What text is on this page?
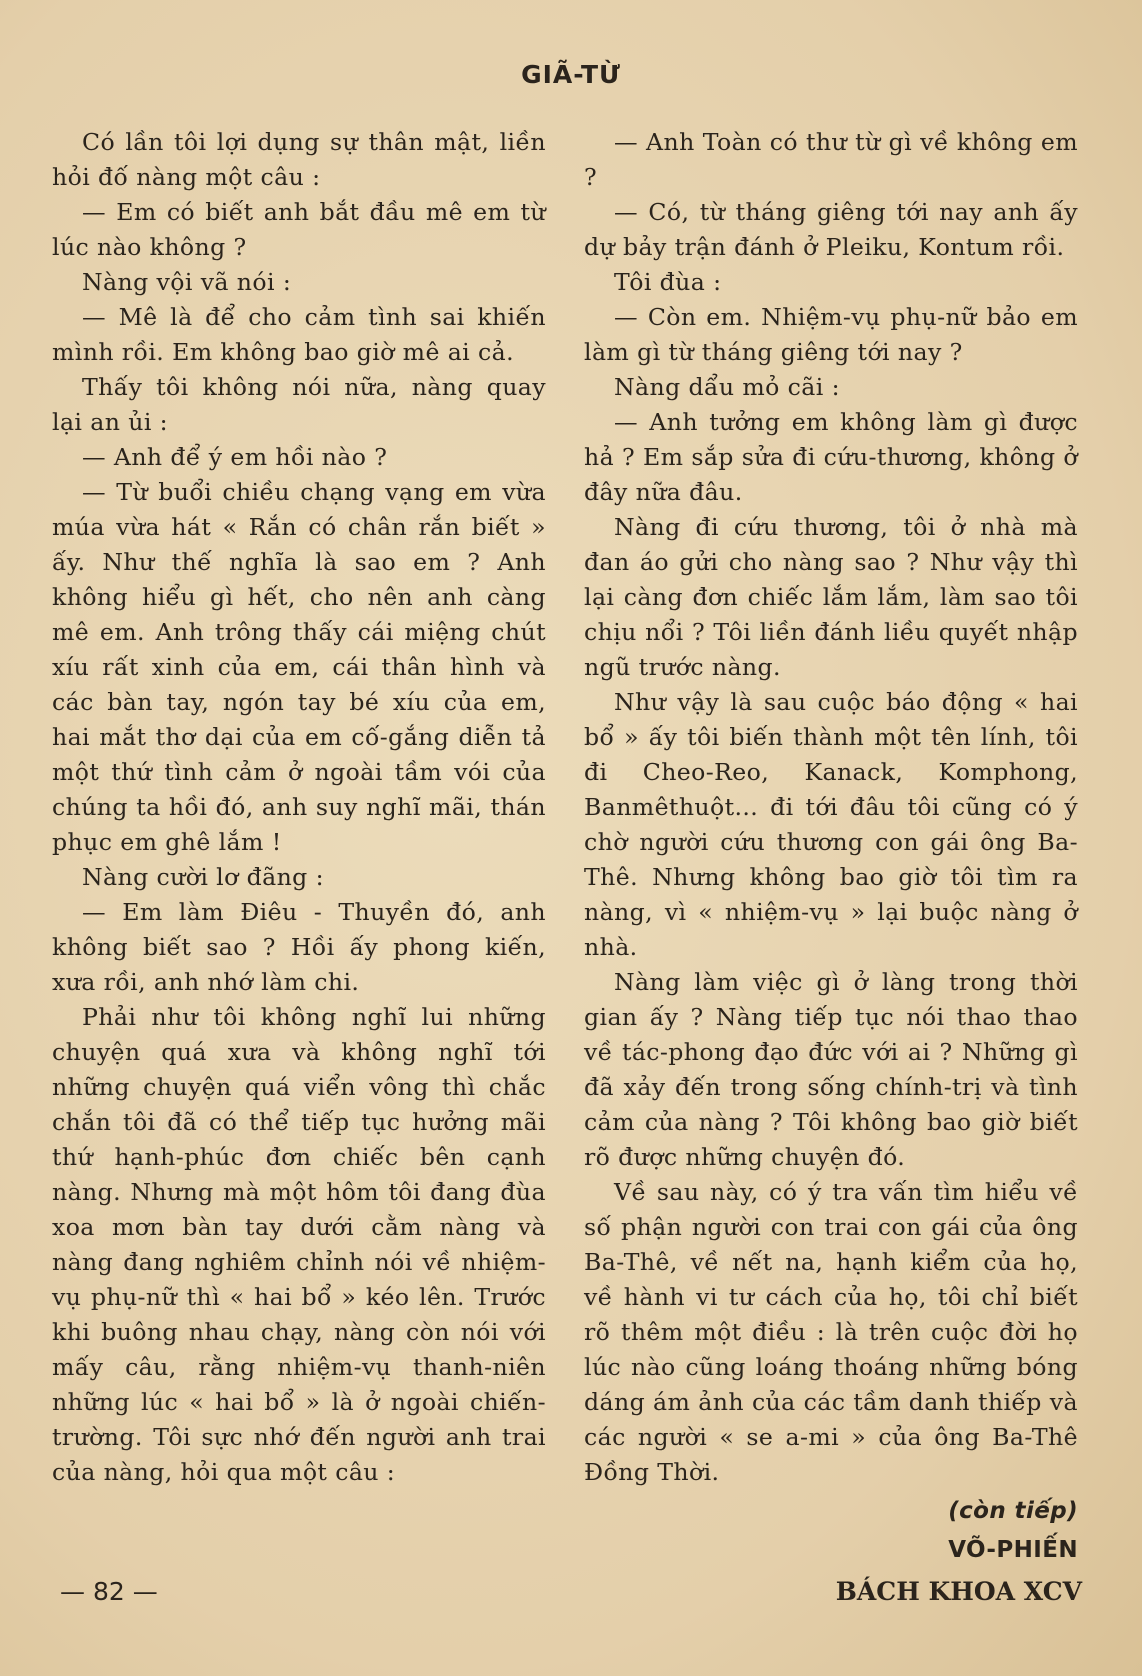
GIÃ-TỪ

Có lần tôi lợi dụng sự thân mật, liền hỏi đố nàng một câu :

— Em có biết anh bắt đầu mê em từ lúc nào không ?

Nàng vội vã nói :

— Mê là để cho cảm tình sai khiến mình rồi. Em không bao giờ mê ai cả.

Thấy tôi không nói nữa, nàng quay lại an ủi :

— Anh để ý em hồi nào ?

— Từ buổi chiều chạng vạng em vừa múa vừa hát « Rắn có chân rắn biết » ấy. Như thế nghĩa là sao em ? Anh không hiểu gì hết, cho nên anh càng mê em. Anh trông thấy cái miệng chút xíu rất xinh của em, cái thân hình và các bàn tay, ngón tay bé xíu của em, hai mắt thơ dại của em cố-gắng diễn tả một thứ tình cảm ở ngoài tầm vói của chúng ta hồi đó, anh suy nghĩ mãi, thán phục em ghê lắm !

Nàng cười lơ đãng :

— Em làm Điêu - Thuyền đó, anh không biết sao ? Hồi ấy phong kiến, xưa rồi, anh nhớ làm chi.

Phải như tôi không nghĩ lui những chuyện quá xưa và không nghĩ tới những chuyện quá viển vông thì chắc chắn tôi đã có thể tiếp tục hưởng mãi thứ hạnh-phúc đơn chiếc bên cạnh nàng. Nhưng mà một hôm tôi đang đùa xoa mơn bàn tay dưới cằm nàng và nàng đang nghiêm chỉnh nói về nhiệm-vụ phụ-nữ thì « hai bổ » kéo lên. Trước khi buông nhau chạy, nàng còn nói với mấy câu, rằng nhiệm-vụ thanh-niên những lúc « hai bổ » là ở ngoài chiến-trường. Tôi sực nhớ đến người anh trai của nàng, hỏi qua một câu :

— Anh Toàn có thư từ gì về không em ?

— Có, từ tháng giêng tới nay anh ấy dự bảy trận đánh ở Pleiku, Kontum rồi.

Tôi đùa :

— Còn em. Nhiệm-vụ phụ-nữ bảo em làm gì từ tháng giêng tới nay ?

Nàng dẩu mỏ cãi :

— Anh tưởng em không làm gì được hả ? Em sắp sửa đi cứu-thương, không ở đây nữa đâu.

Nàng đi cứu thương, tôi ở nhà mà đan áo gửi cho nàng sao ? Như vậy thì lại càng đơn chiếc lắm lắm, làm sao tôi chịu nổi ? Tôi liền đánh liều quyết nhập ngũ trước nàng.

Như vậy là sau cuộc báo động « hai bổ » ấy tôi biến thành một tên lính, tôi đi Cheo-Reo, Kanack, Komphong, Banmêthuột... đi tới đâu tôi cũng có ý chờ người cứu thương con gái ông Ba-Thê. Nhưng không bao giờ tôi tìm ra nàng, vì « nhiệm-vụ » lại buộc nàng ở nhà.

Nàng làm việc gì ở làng trong thời gian ấy ? Nàng tiếp tục nói thao thao về tác-phong đạo đức với ai ? Những gì đã xảy đến trong sống chính-trị và tình cảm của nàng ? Tôi không bao giờ biết rõ được những chuyện đó.

Về sau này, có ý tra vấn tìm hiểu về số phận người con trai con gái của ông Ba-Thê, về nết na, hạnh kiểm của họ, về hành vi tư cách của họ, tôi chỉ biết rõ thêm một điều : là trên cuộc đời họ lúc nào cũng loáng thoáng những bóng dáng ám ảnh của các tầm danh thiếp và các người « se a-mi » của ông Ba-Thê Đồng Thời.

(còn tiếp)

VÕ-PHIẾN

— 82 —	BÁCH KHOA XCV
